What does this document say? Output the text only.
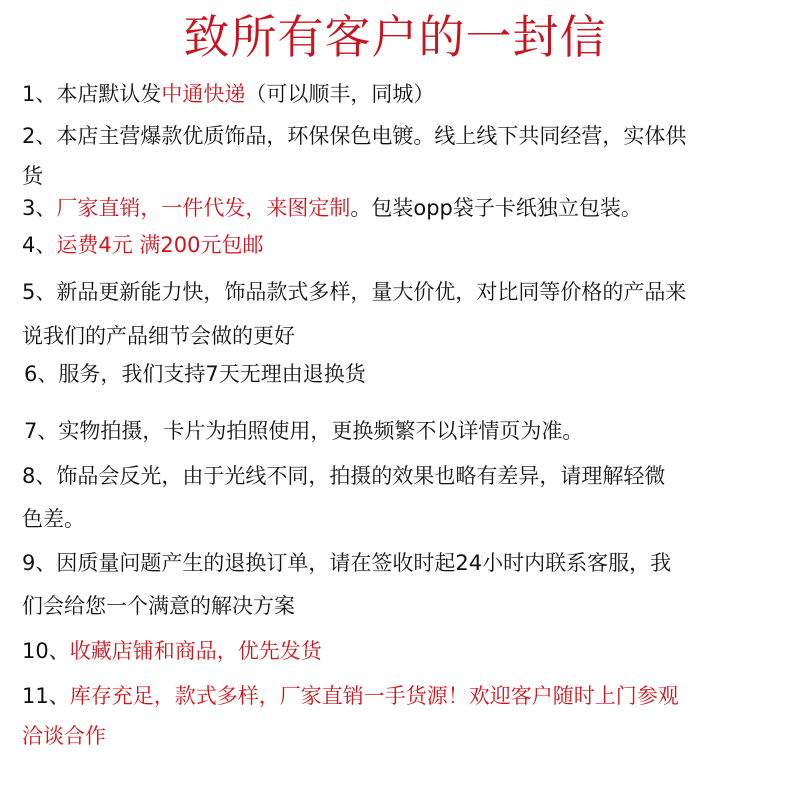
致所有客户的一封信
1、本店默认发中通快递（可以顺丰，同城）
2、本店主营爆款优质饰品，环保保色电镀。线上线下共同经营，实体供
货
3、厂家直销，一件代发，来图定制。包装opp袋子卡纸独立包装。
4、运费4元 满200元包邮
5、新品更新能力快，饰品款式多样，量大价优，对比同等价格的产品来
说我们的产品细节会做的更好
6、服务，我们支持7天无理由退换货
7、实物拍摄，卡片为拍照使用，更换频繁不以详情页为准。
8、饰品会反光，由于光线不同，拍摄的效果也略有差异，请理解轻微
色差。
9、因质量问题产生的退换订单，请在签收时起24小时内联系客服，我
们会给您一个满意的解决方案
10、收藏店铺和商品，优先发货
11、库存充足，款式多样，厂家直销一手货源！欢迎客户随时上门参观
洽谈合作
